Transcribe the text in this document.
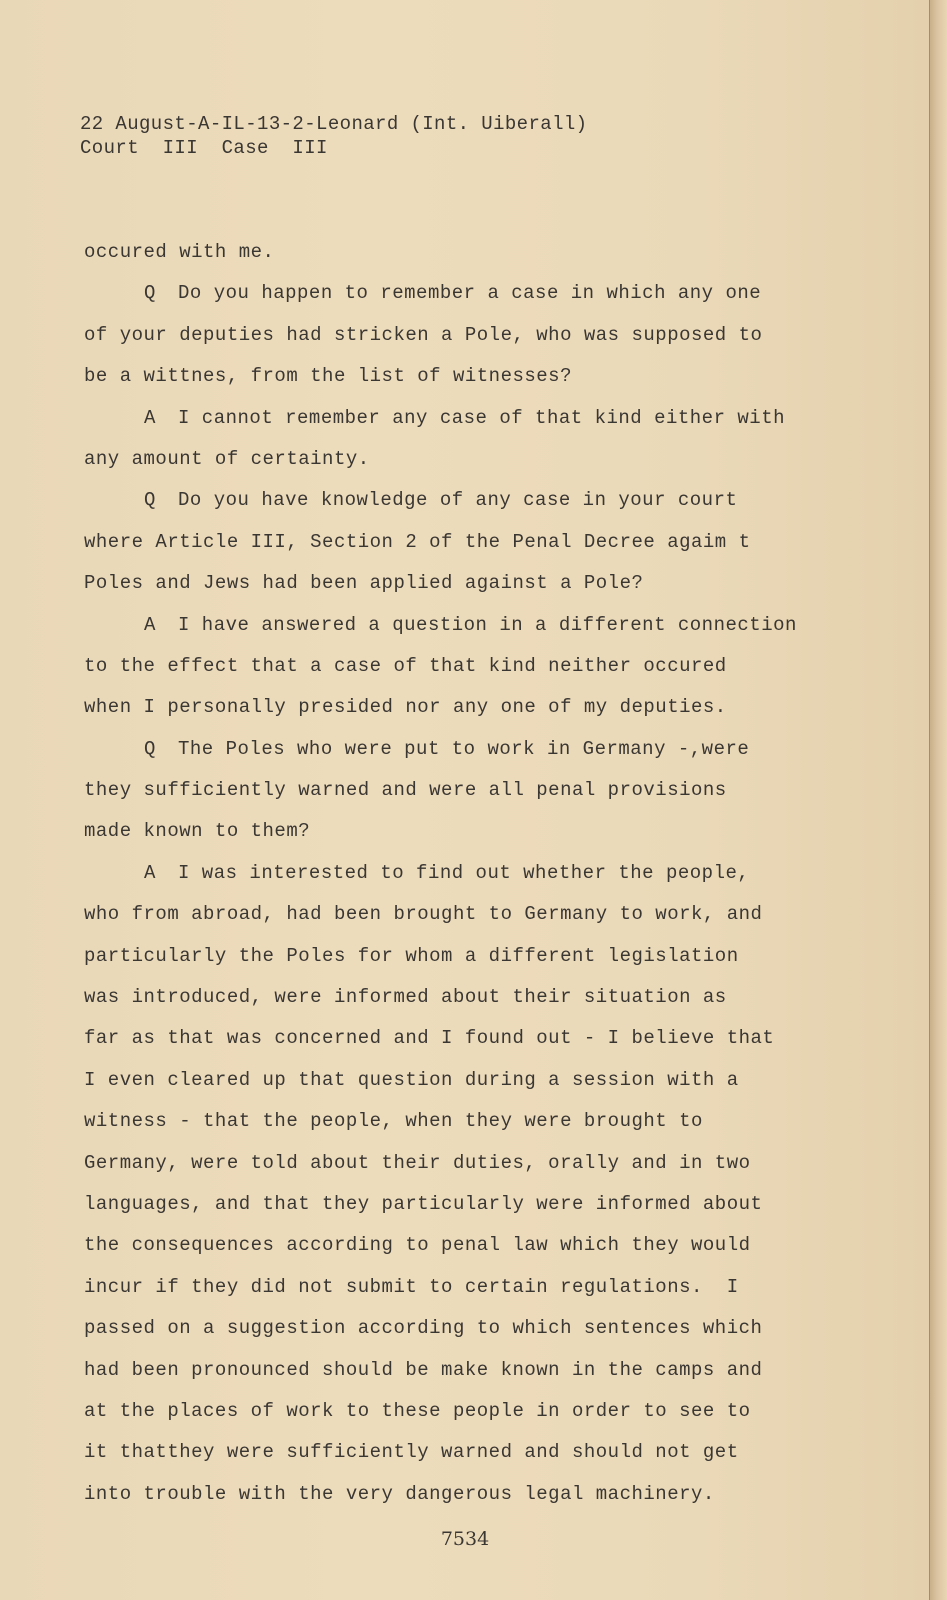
22 August-A-IL-13-2-Leonard (Int. Uiberall)
Court  III  Case  III
occured with me.
Q Do you happen to remember a case in which any one
of your deputies had stricken a Pole, who was supposed to
be a wittnes, from the list of witnesses?
A I cannot remember any case of that kind either with
any amount of certainty.
Q Do you have knowledge of any case in your court
where Article III, Section 2 of the Penal Decree agaim t
Poles and Jews had been applied against a Pole?
A I have answered a question in a different connection
to the effect that a case of that kind neither occured
when I personally presided nor any one of my deputies.
Q The Poles who were put to work in Germany -,were
they sufficiently warned and were all penal provisions
made known to them?
A I was interested to find out whether the people,
who from abroad, had been brought to Germany to work, and
particularly the Poles for whom a different legislation
was introduced, were informed about their situation as
far as that was concerned and I found out - I believe that
I even cleared up that question during a session with a
witness - that the people, when they were brought to
Germany, were told about their duties, orally and in two
languages, and that they particularly were informed about
the consequences according to penal law which they would
incur if they did not submit to certain regulations.  I
passed on a suggestion according to which sentences which
had been pronounced should be make known in the camps and
at the places of work to these people in order to see to
it thatthey were sufficiently warned and should not get
into trouble with the very dangerous legal machinery.
7534
